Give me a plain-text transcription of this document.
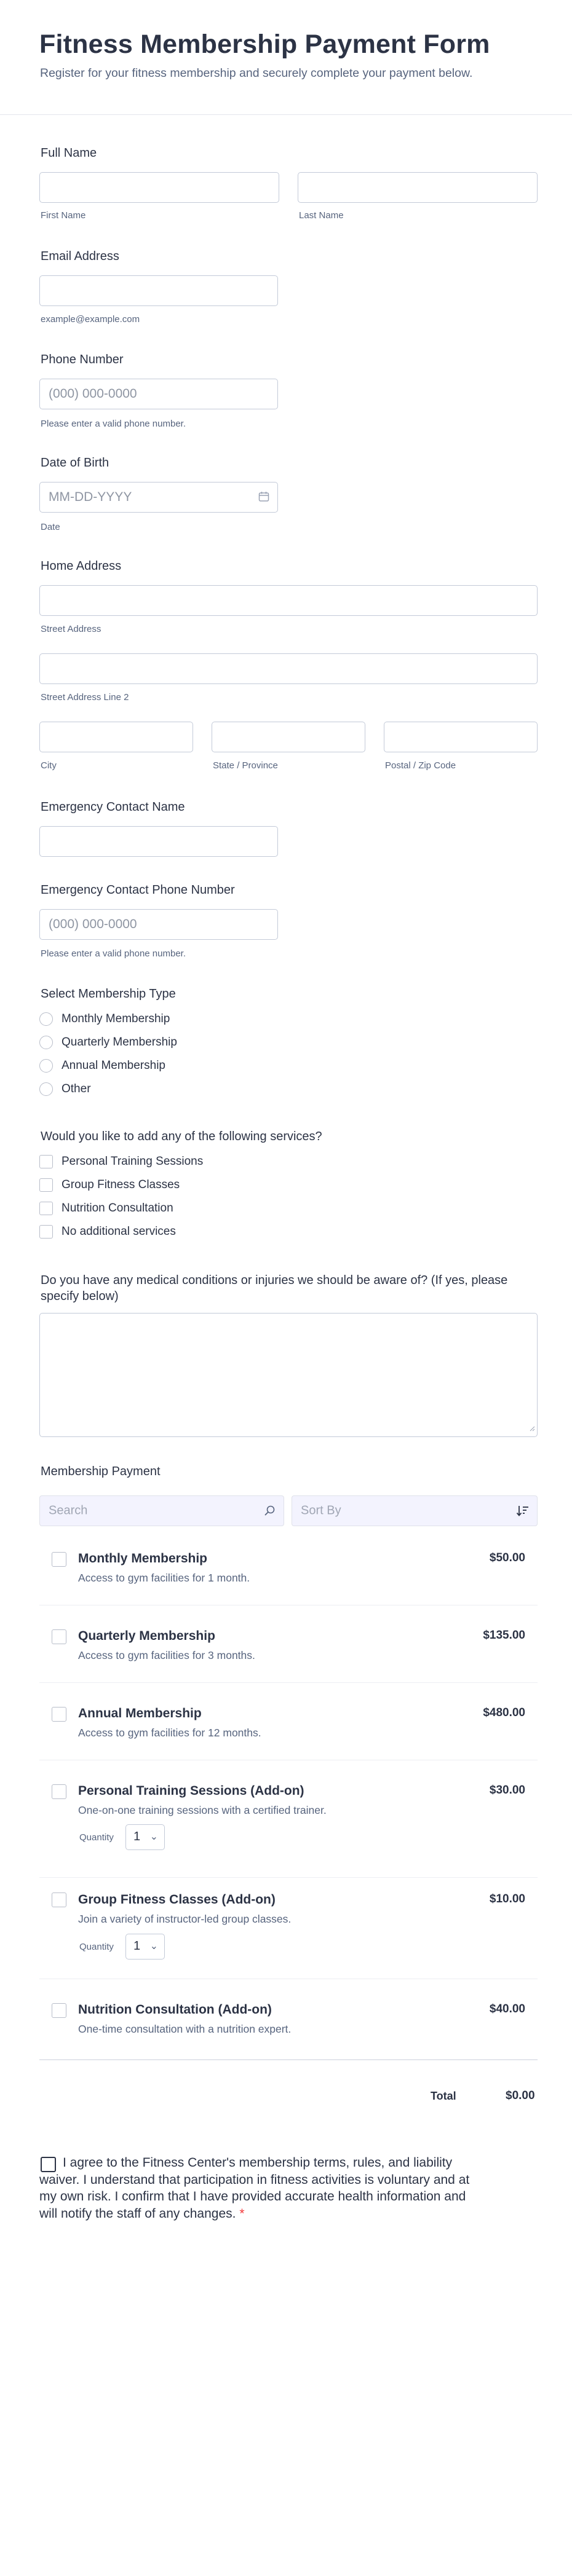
Fitness Membership Payment Form
Register for your fitness membership and securely complete your payment below.
Full Name
First Name	Last Name
Email Address
example@example.com
Phone Number
(000) 000-0000
Please enter a valid phone number.
Date of Birth
MM-DD-YYYY
Date
Home Address
Street Address
Street Address Line 2
City	State / Province	Postal / Zip Code
Emergency Contact Name
Emergency Contact Phone Number
(000) 000-0000
Please enter a valid phone number.
Select Membership Type
Monthly Membership
Quarterly Membership
Annual Membership
Other
Would you like to add any of the following services?
Personal Training Sessions
Group Fitness Classes
Nutrition Consultation
No additional services
Do you have any medical conditions or injuries we should be aware of? (If yes, please specify below)
Membership Payment
Search	Sort By
Monthly Membership
Access to gym facilities for 1 month.
$50.00
Quarterly Membership
Access to gym facilities for 3 months.
$135.00
Annual Membership
Access to gym facilities for 12 months.
$480.00
Personal Training Sessions (Add-on)
One-on-one training sessions with a certified trainer.
$30.00
Quantity 1 ⌄
Group Fitness Classes (Add-on)
Join a variety of instructor-led group classes.
$10.00
Quantity 1 ⌄
Nutrition Consultation (Add-on)
One-time consultation with a nutrition expert.
$40.00
Total	$0.00
I agree to the Fitness Center's membership terms, rules, and liability waiver. I understand that participation in fitness activities is voluntary and at my own risk. I confirm that I have provided accurate health information and will notify the staff of any changes. *
